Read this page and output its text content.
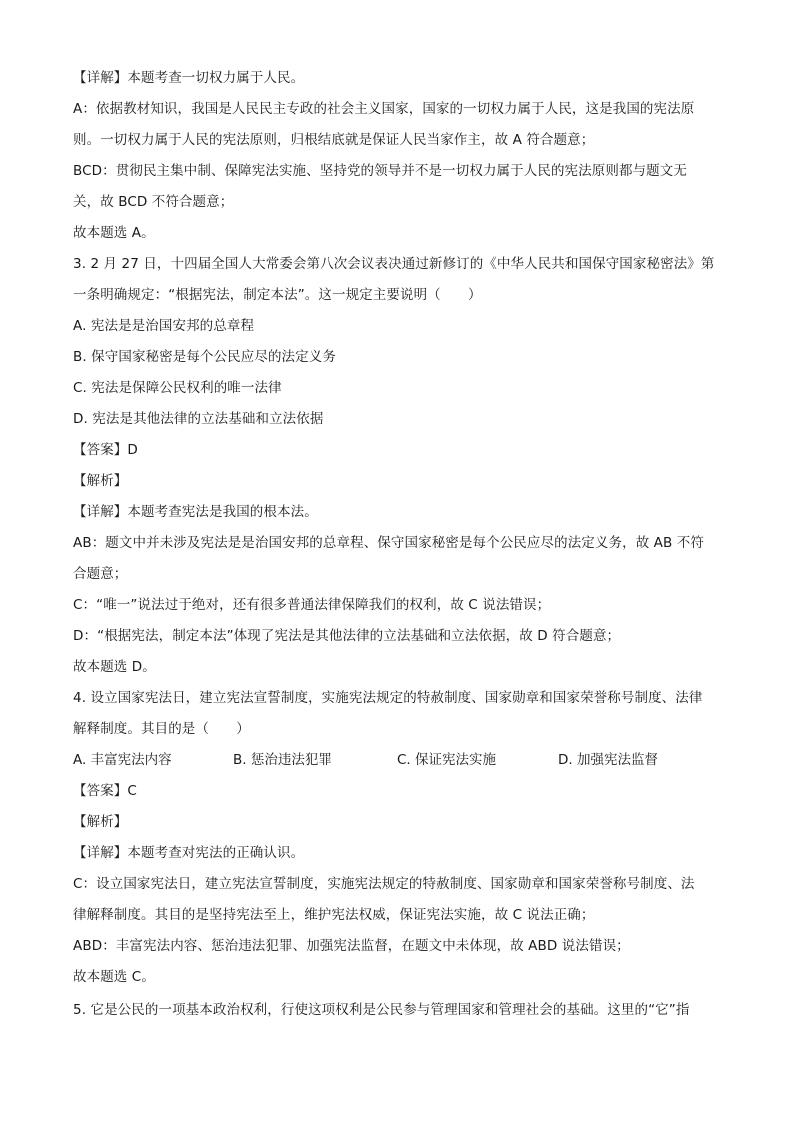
【详解】本题考查一切权力属于人民。
A：依据教材知识，我国是人民民主专政的社会主义国家，国家的一切权力属于人民，这是我国的宪法原
则。一切权力属于人民的宪法原则，归根结底就是保证人民当家作主，故 A 符合题意；
BCD：贯彻民主集中制、保障宪法实施、坚持党的领导并不是一切权力属于人民的宪法原则都与题文无
关，故 BCD 不符合题意；
故本题选 A。
3. 2 月 27 日，十四届全国人大常委会第八次会议表决通过新修订的《中华人民共和国保守国家秘密法》第
一条明确规定：“根据宪法，制定本法”。这一规定主要说明（　　）
A. 宪法是是治国安邦的总章程
B. 保守国家秘密是每个公民应尽的法定义务
C. 宪法是保障公民权利的唯一法律
D. 宪法是其他法律的立法基础和立法依据
【答案】D
【解析】
【详解】本题考查宪法是我国的根本法。
AB：题文中并未涉及宪法是是治国安邦的总章程、保守国家秘密是每个公民应尽的法定义务，故 AB 不符
合题意；
C：“唯一”说法过于绝对，还有很多普通法律保障我们的权利，故 C 说法错误；
D：“根据宪法，制定本法”体现了宪法是其他法律的立法基础和立法依据，故 D 符合题意；
故本题选 D。
4. 设立国家宪法日，建立宪法宣誓制度，实施宪法规定的特赦制度、国家勋章和国家荣誉称号制度、法律
解释制度。其目的是（　　）
A. 丰富宪法内容	B. 惩治违法犯罪	C. 保证宪法实施	D. 加强宪法监督
【答案】C
【解析】
【详解】本题考查对宪法的正确认识。
C：设立国家宪法日，建立宪法宣誓制度，实施宪法规定的特赦制度、国家勋章和国家荣誉称号制度、法
律解释制度。其目的是坚持宪法至上，维护宪法权威，保证宪法实施，故 C 说法正确；
ABD：丰富宪法内容、惩治违法犯罪、加强宪法监督，在题文中未体现，故 ABD 说法错误；
故本题选 C。
5. 它是公民的一项基本政治权利，行使这项权利是公民参与管理国家和管理社会的基础。这里的“它”指
